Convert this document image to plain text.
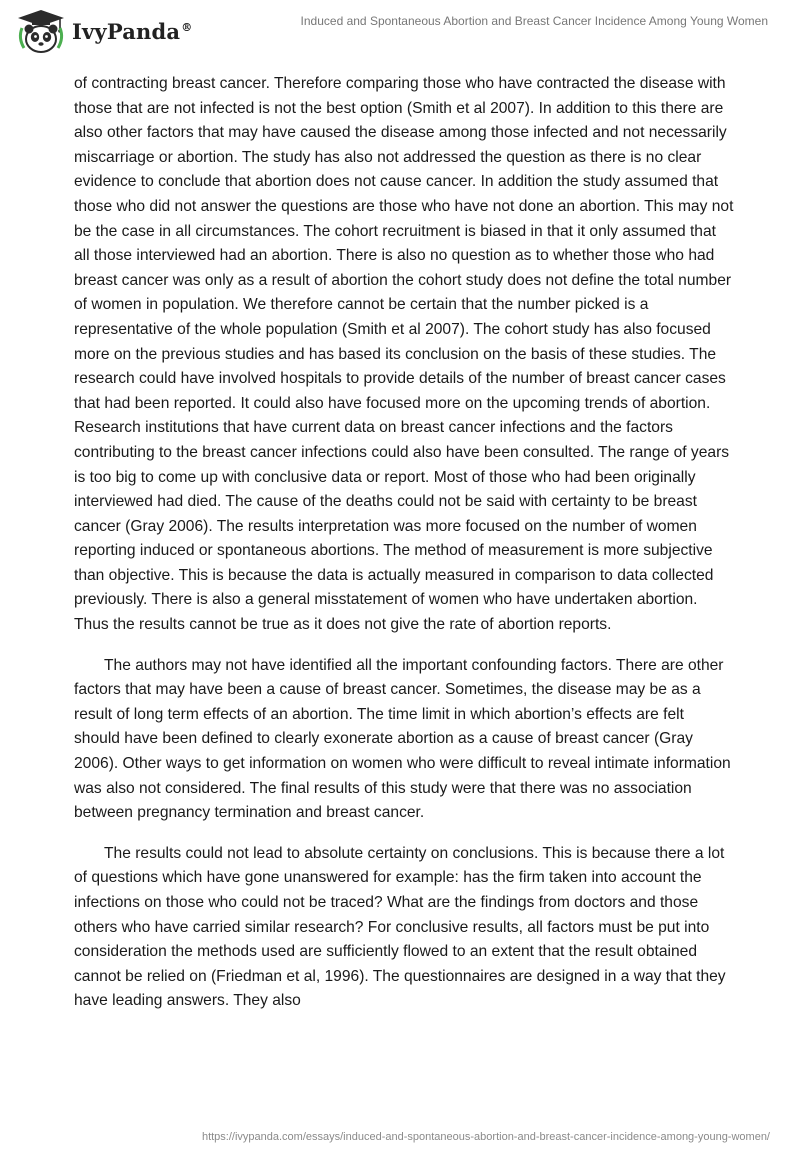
IvyPanda®	Induced and Spontaneous Abortion and Breast Cancer Incidence Among Young Women

of contracting breast cancer. Therefore comparing those who have contracted the disease with those that are not infected is not the best option (Smith et al 2007). In addition to this there are also other factors that may have caused the disease among those infected and not necessarily miscarriage or abortion. The study has also not addressed the question as there is no clear evidence to conclude that abortion does not cause cancer. In addition the study assumed that those who did not answer the questions are those who have not done an abortion. This may not be the case in all circumstances. The cohort recruitment is biased in that it only assumed that all those interviewed had an abortion. There is also no question as to whether those who had breast cancer was only as a result of abortion the cohort study does not define the total number of women in population. We therefore cannot be certain that the number picked is a representative of the whole population (Smith et al 2007). The cohort study has also focused more on the previous studies and has based its conclusion on the basis of these studies. The research could have involved hospitals to provide details of the number of breast cancer cases that had been reported. It could also have focused more on the upcoming trends of abortion. Research institutions that have current data on breast cancer infections and the factors contributing to the breast cancer infections could also have been consulted. The range of years is too big to come up with conclusive data or report. Most of those who had been originally interviewed had died. The cause of the deaths could not be said with certainty to be breast cancer (Gray 2006). The results interpretation was more focused on the number of women reporting induced or spontaneous abortions. The method of measurement is more subjective than objective. This is because the data is actually measured in comparison to data collected previously. There is also a general misstatement of women who have undertaken abortion. Thus the results cannot be true as it does not give the rate of abortion reports.

The authors may not have identified all the important confounding factors. There are other factors that may have been a cause of breast cancer. Sometimes, the disease may be as a result of long term effects of an abortion. The time limit in which abortion’s effects are felt should have been defined to clearly exonerate abortion as a cause of breast cancer (Gray 2006). Other ways to get information on women who were difficult to reveal intimate information was also not considered. The final results of this study were that there was no association between pregnancy termination and breast cancer.

The results could not lead to absolute certainty on conclusions. This is because there a lot of questions which have gone unanswered for example: has the firm taken into account the infections on those who could not be traced? What are the findings from doctors and those others who have carried similar research? For conclusive results, all factors must be put into consideration the methods used are sufficiently flowed to an extent that the result obtained cannot be relied on (Friedman et al, 1996). The questionnaires are designed in a way that they have leading answers. They also

https://ivypanda.com/essays/induced-and-spontaneous-abortion-and-breast-cancer-incidence-among-young-women/
